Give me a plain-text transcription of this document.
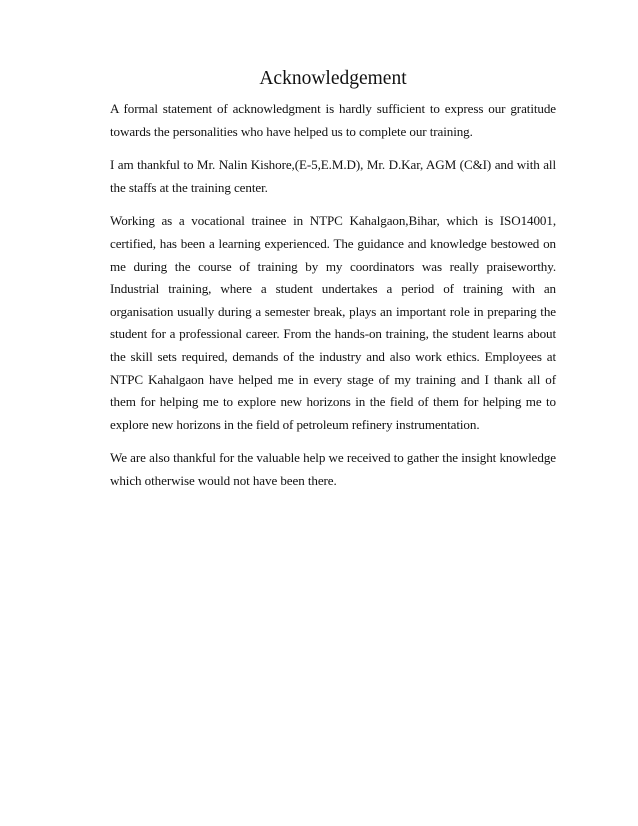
Acknowledgement

A formal statement of acknowledgment is hardly sufficient to express our gratitude towards the personalities who have helped us to complete our training.

I am thankful to Mr. Nalin Kishore,(E-5,E.M.D), Mr. D.Kar, AGM (C&I) and with all the staffs at the training center.

Working as a vocational trainee in NTPC Kahalgaon,Bihar, which is ISO14001, certified, has been a learning experienced. The guidance and knowledge bestowed on me during the course of training by my coordinators was really praiseworthy. Industrial training, where a student undertakes a period of training with an organisation usually during a semester break, plays an important role in preparing the student for a professional career. From the hands-on training, the student learns about the skill sets required, demands of the industry and also work ethics. Employees at NTPC Kahalgaon have helped me in every stage of my training and I thank all of them for helping me to explore new horizons in the field of them for helping me to explore new horizons in the field of petroleum refinery instrumentation.

We are also thankful for the valuable help we received to gather the insight knowledge which otherwise would not have been there.
